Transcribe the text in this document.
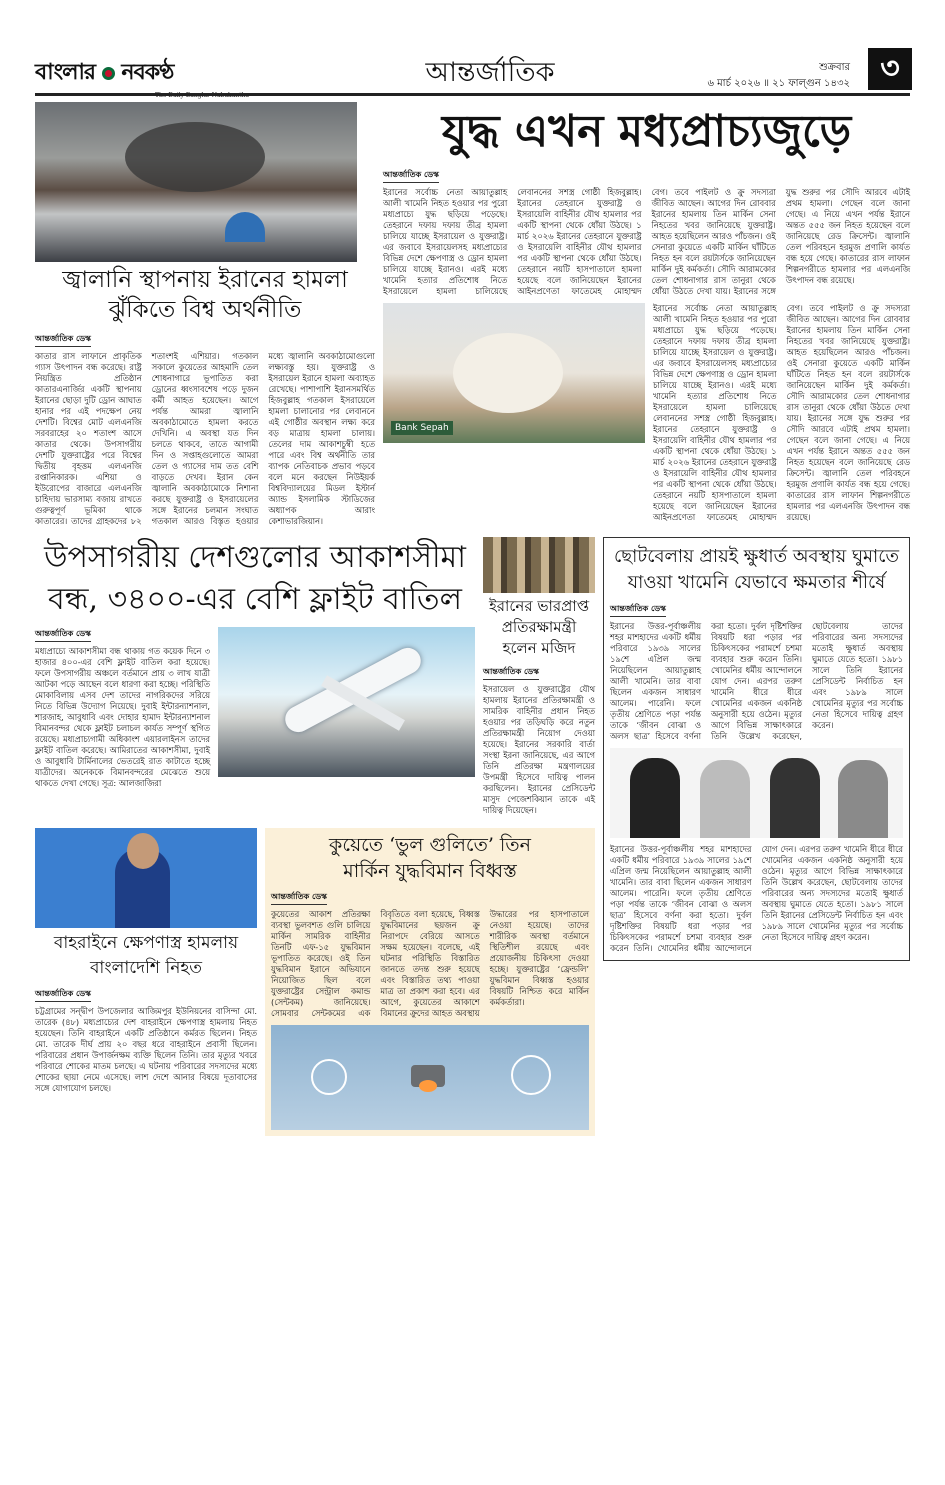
বাংলার নবকণ্ঠ	আন্তর্জাতিক	শুক্রবার
৬ মার্চ ২০২৬ ॥ ২১ ফাল্গুন ১৪৩২	৩
জ্বালানি স্থাপনায় ইরানের হামলা
ঝুঁকিতে বিশ্ব অর্থনীতি
আন্তর্জাতিক ডেস্ক

কাতার রাস লাফানে প্রাকৃতিক গ্যাস উৎপাদন বন্ধ করেছে। রাষ্ট্র নিয়ন্ত্রিত প্রতিষ্ঠান কাতারএনার্জির একটি স্থাপনায় ইরানের ছোড়া দুটি ড্রোন আঘাত হানার পর এই পদক্ষেপ নেয় দেশটি। বিশ্বের মোট এলএনজি সরবরাহের ২০ শতাংশ আসে কাতার থেকে। উপসাগরীয় দেশটি যুক্তরাষ্ট্রের পরে বিশ্বের দ্বিতীয় বৃহত্তম এলএনজি রপ্তানিকারক। এশিয়া ও ইউরোপের বাজারে এলএনজি চাহিদায় ভারসাম্য বজায় রাখতে গুরুত্বপূর্ণ ভূমিকা থাকে কাতারের। তাদের গ্রাহকদের ৮২ শতাংশই এশিয়ার। গতকাল সকালে কুয়েতের আহমাদি তেল শোধনাগারে ভূপাতিত করা ড্রোনের ধ্বংসাবশেষ পড়ে দুজন কর্মী আহত হয়েছেন। আগে পর্যন্ত আমরা জ্বালানি অবকাঠামোতে হামলা করতে দেখিনি। এ অবস্থা যত দিন চলতে থাকবে, তাতে আগামী দিন ও সপ্তাহগুলোতে আমরা তেল ও গ্যাসের দাম তত বেশি বাড়তে দেখব। ইরান কেন জ্বালানি অবকাঠামোকে নিশানা করছে যুক্তরাষ্ট্র ও ইসরায়েলের সঙ্গে ইরানের চলমান সংঘাত গতকাল আরও বিস্তৃত হওয়ার মধ্যে জ্বালানি অবকাঠামোগুলো লক্ষ্যবস্তু হয়। যুক্তরাষ্ট্র ও ইসরায়েল ইরানে হামলা অব্যাহত রেখেছে। পাশাপাশি ইরানসমর্থিত হিজবুল্লাহ গতকাল ইসরায়েলে হামলা চালানোর পর লেবাননে এই গোষ্ঠীর অবস্থান লক্ষ্য করে বড় মাত্রায় হামলা চালায়। তেলের দাম আকাশচুম্বী হতে পারে এবং বিশ্ব অর্থনীতি তার ব্যাপক নেতিবাচক প্রভাব পড়বে বলে মনে করছেন নিউইয়র্ক বিশ্ববিদ্যালয়ের মিডল ইস্টার্ন অ্যান্ড ইসলামিক স্টাডিজের অধ্যাপক আরাং কেশাভারজিয়ান।

যুদ্ধ এখন মধ্যপ্রাচ্যজুড়ে
আন্তর্জাতিক ডেস্ক

ইরানের সর্বোচ্চ নেতা আয়াতুল্লাহ আলী খামেনি নিহত হওয়ার পর পুরো মধ্যপ্রাচ্যে যুদ্ধ ছড়িয়ে পড়েছে। তেহরানে দফায় দফায় তীব্র হামলা চালিয়ে যাচ্ছে ইসরায়েল ও যুক্তরাষ্ট্র। এর জবাবে ইসরায়েলসহ মধ্যপ্রাচ্যের বিভিন্ন দেশে ক্ষেপণাস্ত্র ও ড্রোন হামলা চালিয়ে যাচ্ছে ইরানও। এরই মধ্যে খামেনি হত্যার প্রতিশোধ নিতে ইসরায়েলে হামলা চালিয়েছে লেবাননের সশস্ত্র গোষ্ঠী হিজবুল্লাহ। ইরানের তেহরানে যুক্তরাষ্ট্র ও ইসরায়েলি বাহিনীর যৌথ হামলার পর একটি স্থাপনা থেকে ধোঁয়া উঠছে। ১ মার্চ ২০২৬ ইরানের তেহরানে যুক্তরাষ্ট্র ও ইসরায়েলি বাহিনীর যৌথ হামলার পর একটি স্থাপনা থেকে ধোঁয়া উঠছে। তেহরানে নয়টি হাসপাতালে হামলা হয়েছে বলে জানিয়েছেন ইরানের আইনপ্রণেতা ফাতেমেহ মোহাম্মদ বেগ। তবে পাইলট ও ক্রু সদস্যরা জীবিত আছেন। আগের দিন রোববার ইরানের হামলায় তিন মার্কিন সেনা নিহতের খবর জানিয়েছে যুক্তরাষ্ট্র। আহত হয়েছিলেন আরও পাঁচজন। ওই সেনারা কুয়েতে একটি মার্কিন ঘাঁটিতে নিহত হন বলে রয়টার্সকে জানিয়েছেন মার্কিন দুই কর্মকর্তা। সৌদি আরামকোর তেল শোধনাগার রাস তানুরা থেকে ধোঁয়া উঠতে দেখা যায়। ইরানের সঙ্গে যুদ্ধ শুরুর পর সৌদি আরবে এটাই প্রথম হামলা। গেছেন বলে জানা গেছে। এ নিয়ে এখন পর্যন্ত ইরানে অন্তত ৫৫৫ জন নিহত হয়েছেন বলে জানিয়েছে রেড ক্রিসেন্ট। জ্বালানি তেল পরিবহনে হরমুজ প্রণালি কার্যত বন্ধ হয়ে গেছে। কাতারের রাস লাফান শিল্পনগরীতে হামলার পর এলএনজি উৎপাদন বন্ধ রয়েছে।

Bank Sepah

ইরানের সর্বোচ্চ নেতা আয়াতুল্লাহ আলী খামেনি নিহত হওয়ার পর পুরো মধ্যপ্রাচ্যে যুদ্ধ ছড়িয়ে পড়েছে। তেহরানে দফায় দফায় তীব্র হামলা চালিয়ে যাচ্ছে ইসরায়েল ও যুক্তরাষ্ট্র। এর জবাবে ইসরায়েলসহ মধ্যপ্রাচ্যের বিভিন্ন দেশে ক্ষেপণাস্ত্র ও ড্রোন হামলা চালিয়ে যাচ্ছে ইরানও। এরই মধ্যে খামেনি হত্যার প্রতিশোধ নিতে ইসরায়েলে হামলা চালিয়েছে লেবাননের সশস্ত্র গোষ্ঠী হিজবুল্লাহ। ইরানের তেহরানে যুক্তরাষ্ট্র ও ইসরায়েলি বাহিনীর যৌথ হামলার পর একটি স্থাপনা থেকে ধোঁয়া উঠছে। ১ মার্চ ২০২৬ ইরানের তেহরানে যুক্তরাষ্ট্র ও ইসরায়েলি বাহিনীর যৌথ হামলার পর একটি স্থাপনা থেকে ধোঁয়া উঠছে। তেহরানে নয়টি হাসপাতালে হামলা হয়েছে বলে জানিয়েছেন ইরানের আইনপ্রণেতা ফাতেমেহ মোহাম্মদ বেগ। তবে পাইলট ও ক্রু সদস্যরা জীবিত আছেন। আগের দিন রোববার ইরানের হামলায় তিন মার্কিন সেনা নিহতের খবর জানিয়েছে যুক্তরাষ্ট্র। আহত হয়েছিলেন আরও পাঁচজন। ওই সেনারা কুয়েতে একটি মার্কিন ঘাঁটিতে নিহত হন বলে রয়টার্সকে জানিয়েছেন মার্কিন দুই কর্মকর্তা। সৌদি আরামকোর তেল শোধনাগার রাস তানুরা থেকে ধোঁয়া উঠতে দেখা যায়। ইরানের সঙ্গে যুদ্ধ শুরুর পর সৌদি আরবে এটাই প্রথম হামলা। গেছেন বলে জানা গেছে। এ নিয়ে এখন পর্যন্ত ইরানে অন্তত ৫৫৫ জন নিহত হয়েছেন বলে জানিয়েছে রেড ক্রিসেন্ট। জ্বালানি তেল পরিবহনে হরমুজ প্রণালি কার্যত বন্ধ হয়ে গেছে। কাতারের রাস লাফান শিল্পনগরীতে হামলার পর এলএনজি উৎপাদন বন্ধ রয়েছে।

উপসাগরীয় দেশগুলোর আকাশসীমা
বন্ধ, ৩৪০০-এর বেশি ফ্লাইট বাতিল
আন্তর্জাতিক ডেস্ক

মধ্যপ্রাচ্যে আকাশসীমা বন্ধ থাকায় গত কয়েক দিনে ৩ হাজার ৪০০-এর বেশি ফ্লাইট বাতিল করা হয়েছে। ফলে উপসাগরীয় অঞ্চলে বর্তমানে প্রায় ৩ লাখ যাত্রী আটকা পড়ে আছেন বলে ধারণা করা হচ্ছে। পরিস্থিতি মোকাবিলায় এসব দেশ তাদের নাগরিকদের সরিয়ে নিতে বিভিন্ন উদ্যোগ নিয়েছে। দুবাই ইন্টারন্যাশনাল, শারজাহ, আবুধাবি এবং দোহার হামাদ ইন্টারন্যাশনাল বিমানবন্দর থেকে ফ্লাইট চলাচল কার্যত সম্পূর্ণ স্থগিত রয়েছে। মধ্যপ্রাচ্যগামী অধিকাংশ এয়ারলাইনস তাদের ফ্লাইট বাতিল করেছে। আমিরাতের আকাশসীমা, দুবাই ও আবুধাবি টার্মিনালের ভেতরেই রাত কাটাতে হচ্ছে যাত্রীদের। অনেককে বিমানবন্দরের মেঝেতে শুয়ে থাকতে দেখা গেছে। সূত্র: আলজাজিরা

ইরানের ভারপ্রাপ্ত প্রতিরক্ষামন্ত্রী হলেন মজিদ
আন্তর্জাতিক ডেস্ক

ইসরায়েল ও যুক্তরাষ্ট্রের যৌথ হামলায় ইরানের প্রতিরক্ষামন্ত্রী ও সামরিক বাহিনীর প্রধান নিহত হওয়ার পর তড়িঘড়ি করে নতুন প্রতিরক্ষামন্ত্রী নিয়োগ দেওয়া হয়েছে। ইরানের সরকারি বার্তা সংস্থা ইরনা জানিয়েছে, এর আগে তিনি প্রতিরক্ষা মন্ত্রণালয়ের উপমন্ত্রী হিসেবে দায়িত্ব পালন করছিলেন। ইরানের প্রেসিডেন্ট মাসুদ পেজেশকিয়ান তাকে এই দায়িত্ব দিয়েছেন।

বাহরাইনে ক্ষেপণাস্ত্র হামলায়
বাংলাদেশি নিহত
আন্তর্জাতিক ডেস্ক

চট্টগ্রামের সন্দ্বীপ উপজেলার আজিমপুর ইউনিয়নের বাসিন্দা মো. তারেক (৪৮) মধ্যপ্রাচ্যের দেশ বাহরাইনে ক্ষেপণাস্ত্র হামলায় নিহত হয়েছেন। তিনি বাহরাইনে একটি প্রতিষ্ঠানে কর্মরত ছিলেন। নিহত মো. তারেক দীর্ঘ প্রায় ২০ বছর ধরে বাহরাইনে প্রবাসী ছিলেন। পরিবারের প্রধান উপার্জনক্ষম ব্যক্তি ছিলেন তিনি। তার মৃত্যুর খবরে পরিবারে শোকের মাতম চলছে। এ ঘটনায় পরিবারের সদস্যদের মধ্যে শোকের ছায়া নেমে এসেছে। লাশ দেশে আনার বিষয়ে দূতাবাসের সঙ্গে যোগাযোগ চলছে।

কুয়েতে ‘ভুল গুলিতে’ তিন
মার্কিন যুদ্ধবিমান বিধ্বস্ত
আন্তর্জাতিক ডেস্ক

কুয়েতের আকাশ প্রতিরক্ষা ব্যবস্থা ভুলবশত গুলি চালিয়ে মার্কিন সামরিক বাহিনীর তিনটি এফ-১৫ যুদ্ধবিমান ভূপাতিত করেছে। ওই তিন যুদ্ধবিমান ইরানে অভিযানে নিয়োজিত ছিল বলে যুক্তরাষ্ট্রের সেন্ট্রাল কমান্ড (সেন্টকম) জানিয়েছে। সোমবার সেন্টকমের এক বিবৃতিতে বলা হয়েছে, বিধ্বস্ত যুদ্ধবিমানের ছয়জন ক্রু নিরাপদে বেরিয়ে আসতে সক্ষম হয়েছেন। বলেছে, এই ঘটনার পরিস্থিতি বিস্তারিত জানতে তদন্ত শুরু হয়েছে এবং বিস্তারিত তথ্য পাওয়া মাত্র তা প্রকাশ করা হবে। এর আগে, কুয়েতের আকাশে বিমানের ক্রুদের আহত অবস্থায় উদ্ধারের পর হাসপাতালে নেওয়া হয়েছে। তাদের শারীরিক অবস্থা বর্তমানে স্থিতিশীল রয়েছে এবং প্রয়োজনীয় চিকিৎসা দেওয়া হচ্ছে। যুক্তরাষ্ট্রের ‘ফ্রেন্ডলি’ যুদ্ধবিমান বিধ্বস্ত হওয়ার বিষয়টি নিশ্চিত করে মার্কিন কর্মকর্তারা।

ছোটবেলায় প্রায়ই ক্ষুধার্ত অবস্থায় ঘুমাতে
যাওয়া খামেনি যেভাবে ক্ষমতার শীর্ষে
আন্তর্জাতিক ডেস্ক

ইরানের উত্তর-পূর্বাঞ্চলীয় শহর মাশহাদের একটি ধর্মীয় পরিবারে ১৯৩৯ সালের ১৯শে এপ্রিল জন্ম নিয়েছিলেন আয়াতুল্লাহ আলী খামেনি। তার বাবা ছিলেন একজন সাধারণ আলেম। পারেনি। ফলে তৃতীয় শ্রেণিতে পড়া পর্যন্ত তাকে ‘জীবন বোঝা ও অলস ছাত্র’ হিসেবে বর্ণনা করা হতো। দুর্বল দৃষ্টিশক্তির বিষয়টি ধরা পড়ার পর চিকিৎসকের পরামর্শে চশমা ব্যবহার শুরু করেন তিনি। খোমেনির ধর্মীয় আন্দোলনে যোগ দেন। এরপর তরুণ খামেনি ধীরে ধীরে খোমেনির একজন একনিষ্ঠ অনুসারী হয়ে ওঠেন। মৃত্যুর আগে বিভিন্ন সাক্ষাৎকারে তিনি উল্লেখ করেছেন, ছোটবেলায় তাদের পরিবারের অন্য সদস্যদের মতোই ক্ষুধার্ত অবস্থায় ঘুমাতে যেতে হতো। ১৯৮১ সালে তিনি ইরানের প্রেসিডেন্ট নির্বাচিত হন এবং ১৯৮৯ সালে খোমেনির মৃত্যুর পর সর্বোচ্চ নেতা হিসেবে দায়িত্ব গ্রহণ করেন।

ইরানের উত্তর-পূর্বাঞ্চলীয় শহর মাশহাদের একটি ধর্মীয় পরিবারে ১৯৩৯ সালের ১৯শে এপ্রিল জন্ম নিয়েছিলেন আয়াতুল্লাহ আলী খামেনি। তার বাবা ছিলেন একজন সাধারণ আলেম। পারেনি। ফলে তৃতীয় শ্রেণিতে পড়া পর্যন্ত তাকে ‘জীবন বোঝা ও অলস ছাত্র’ হিসেবে বর্ণনা করা হতো। দুর্বল দৃষ্টিশক্তির বিষয়টি ধরা পড়ার পর চিকিৎসকের পরামর্শে চশমা ব্যবহার শুরু করেন তিনি। খোমেনির ধর্মীয় আন্দোলনে যোগ দেন। এরপর তরুণ খামেনি ধীরে ধীরে খোমেনির একজন একনিষ্ঠ অনুসারী হয়ে ওঠেন। মৃত্যুর আগে বিভিন্ন সাক্ষাৎকারে তিনি উল্লেখ করেছেন, ছোটবেলায় তাদের পরিবারের অন্য সদস্যদের মতোই ক্ষুধার্ত অবস্থায় ঘুমাতে যেতে হতো। ১৯৮১ সালে তিনি ইরানের প্রেসিডেন্ট নির্বাচিত হন এবং ১৯৮৯ সালে খোমেনির মৃত্যুর পর সর্বোচ্চ নেতা হিসেবে দায়িত্ব গ্রহণ করেন।
